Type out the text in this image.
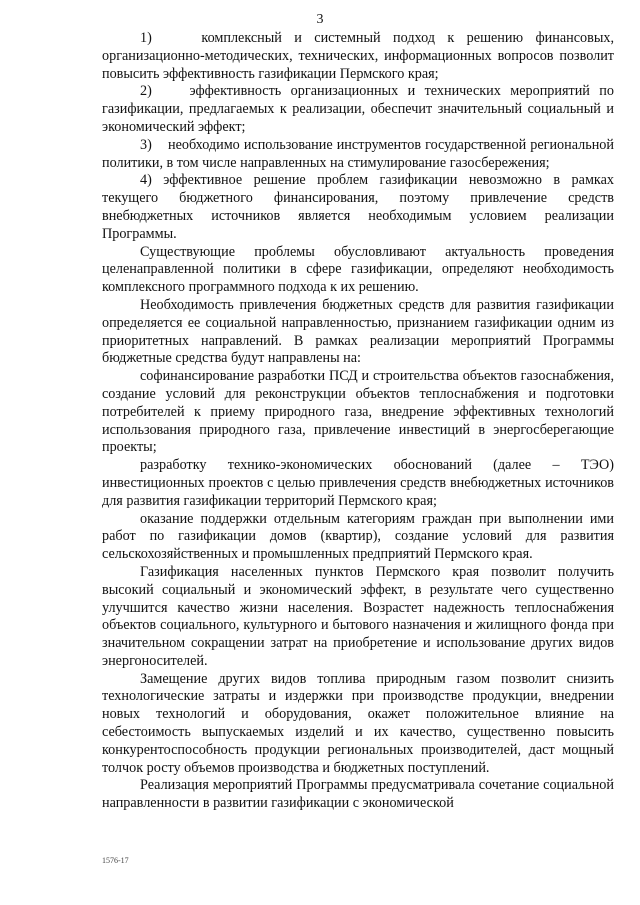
3

1)    комплексный и системный подход к решению финансовых, организационно-методических, технических, информационных вопросов позволит повысить эффективность газификации Пермского края;

2)    эффективность организационных и технических мероприятий по газификации, предлагаемых к реализации, обеспечит значительный социальный и экономический эффект;

3)    необходимо использование инструментов государственной региональной политики, в том числе направленных на стимулирование газосбережения;

4) эффективное решение проблем газификации невозможно в рамках текущего бюджетного финансирования, поэтому привлечение средств внебюджетных источников является необходимым условием реализации Программы.

Существующие проблемы обусловливают актуальность проведения целенаправленной политики в сфере газификации, определяют необходимость комплексного программного подхода к их решению.

Необходимость привлечения бюджетных средств для развития газификации определяется ее социальной направленностью, признанием газификации одним из приоритетных направлений. В рамках реализации мероприятий Программы бюджетные средства будут направлены на:

софинансирование разработки ПСД и строительства объектов газоснабжения, создание условий для реконструкции объектов теплоснабжения и подготовки потребителей к приему природного газа, внедрение эффективных технологий использования природного газа, привлечение инвестиций в энергосберегающие проекты;

разработку технико-экономических обоснований (далее – ТЭО) инвестиционных проектов с целью привлечения средств внебюджетных источников для развития газификации территорий Пермского края;

оказание поддержки отдельным категориям граждан при выполнении ими работ по газификации домов (квартир), создание условий для развития сельскохозяйственных и промышленных предприятий Пермского края.

Газификация населенных пунктов Пермского края позволит получить высокий социальный и экономический эффект, в результате чего существенно улучшится качество жизни населения. Возрастет надежность теплоснабжения объектов социального, культурного и бытового назначения и жилищного фонда при значительном сокращении затрат на приобретение и использование других видов энергоносителей.

Замещение других видов топлива природным газом позволит снизить технологические затраты и издержки при производстве продукции, внедрении новых технологий и оборудования, окажет положительное влияние на себестоимость выпускаемых изделий и их качество, существенно повысить конкурентоспособность продукции региональных производителей, даст мощный толчок росту объемов производства и бюджетных поступлений.

Реализация мероприятий Программы предусматривала сочетание социальной направленности в развитии газификации с экономической

1576-17
